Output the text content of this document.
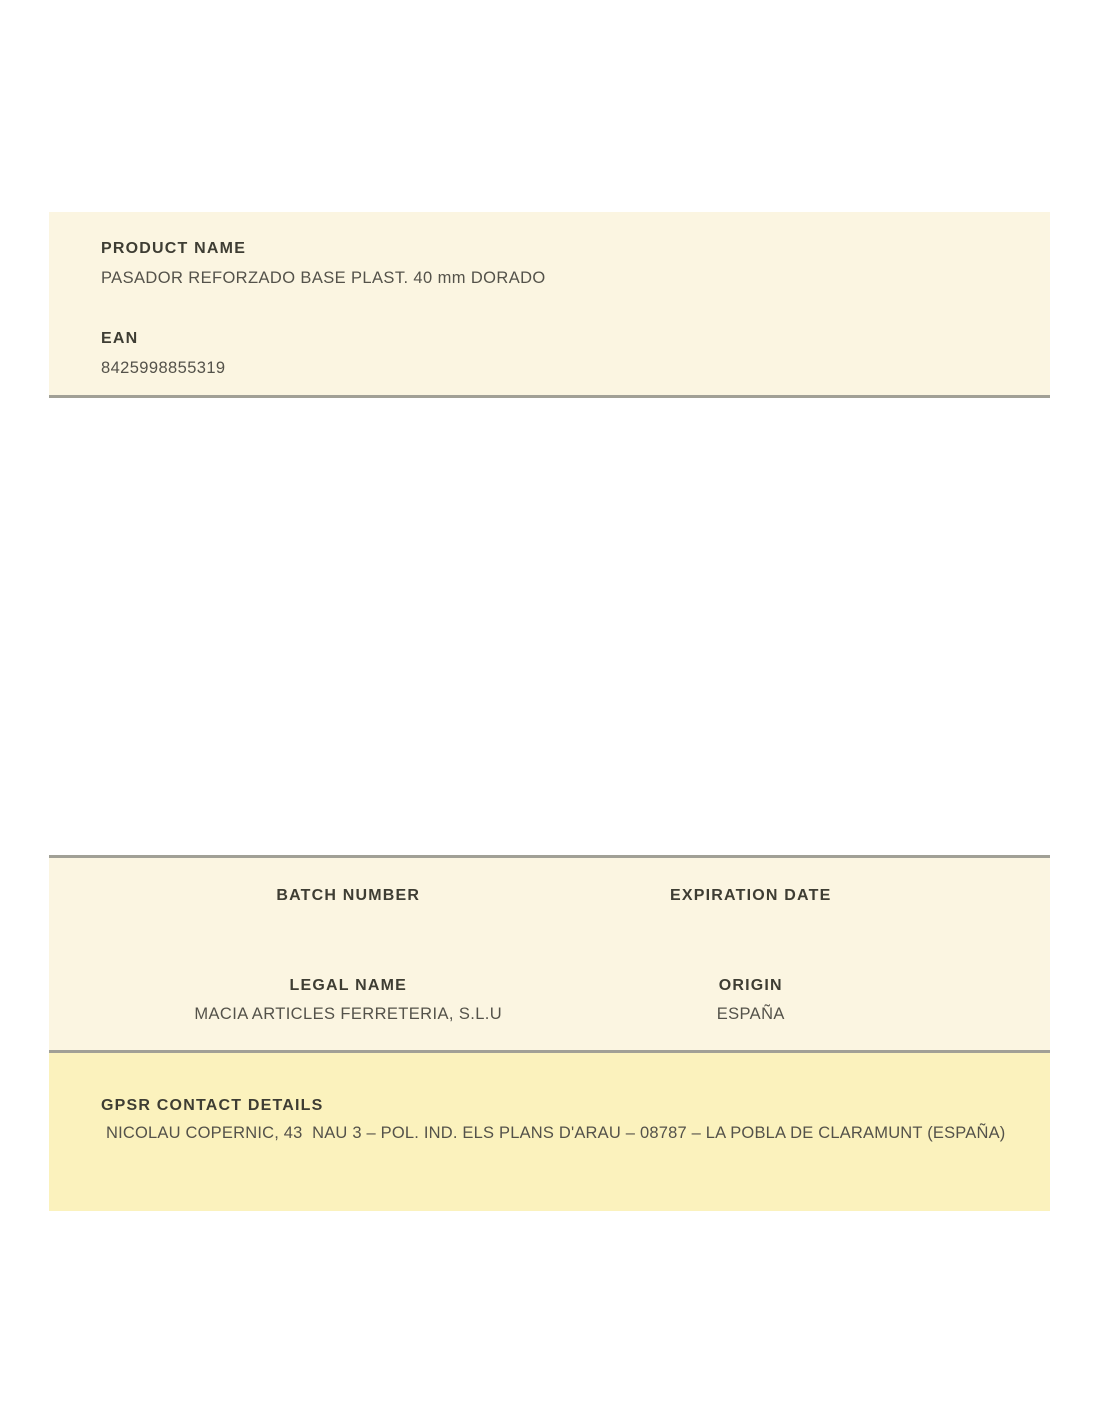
PRODUCT NAME
PASADOR REFORZADO BASE PLAST. 40 mm DORADO
EAN
8425998855319
BATCH NUMBER	EXPIRATION DATE
LEGAL NAME
MACIA ARTICLES FERRETERIA, S.L.U
ORIGIN
ESPAÑA
GPSR CONTACT DETAILS
NICOLAU COPERNIC, 43  NAU 3 – POL. IND. ELS PLANS D'ARAU – 08787 – LA POBLA DE CLARAMUNT (ESPAÑA)
